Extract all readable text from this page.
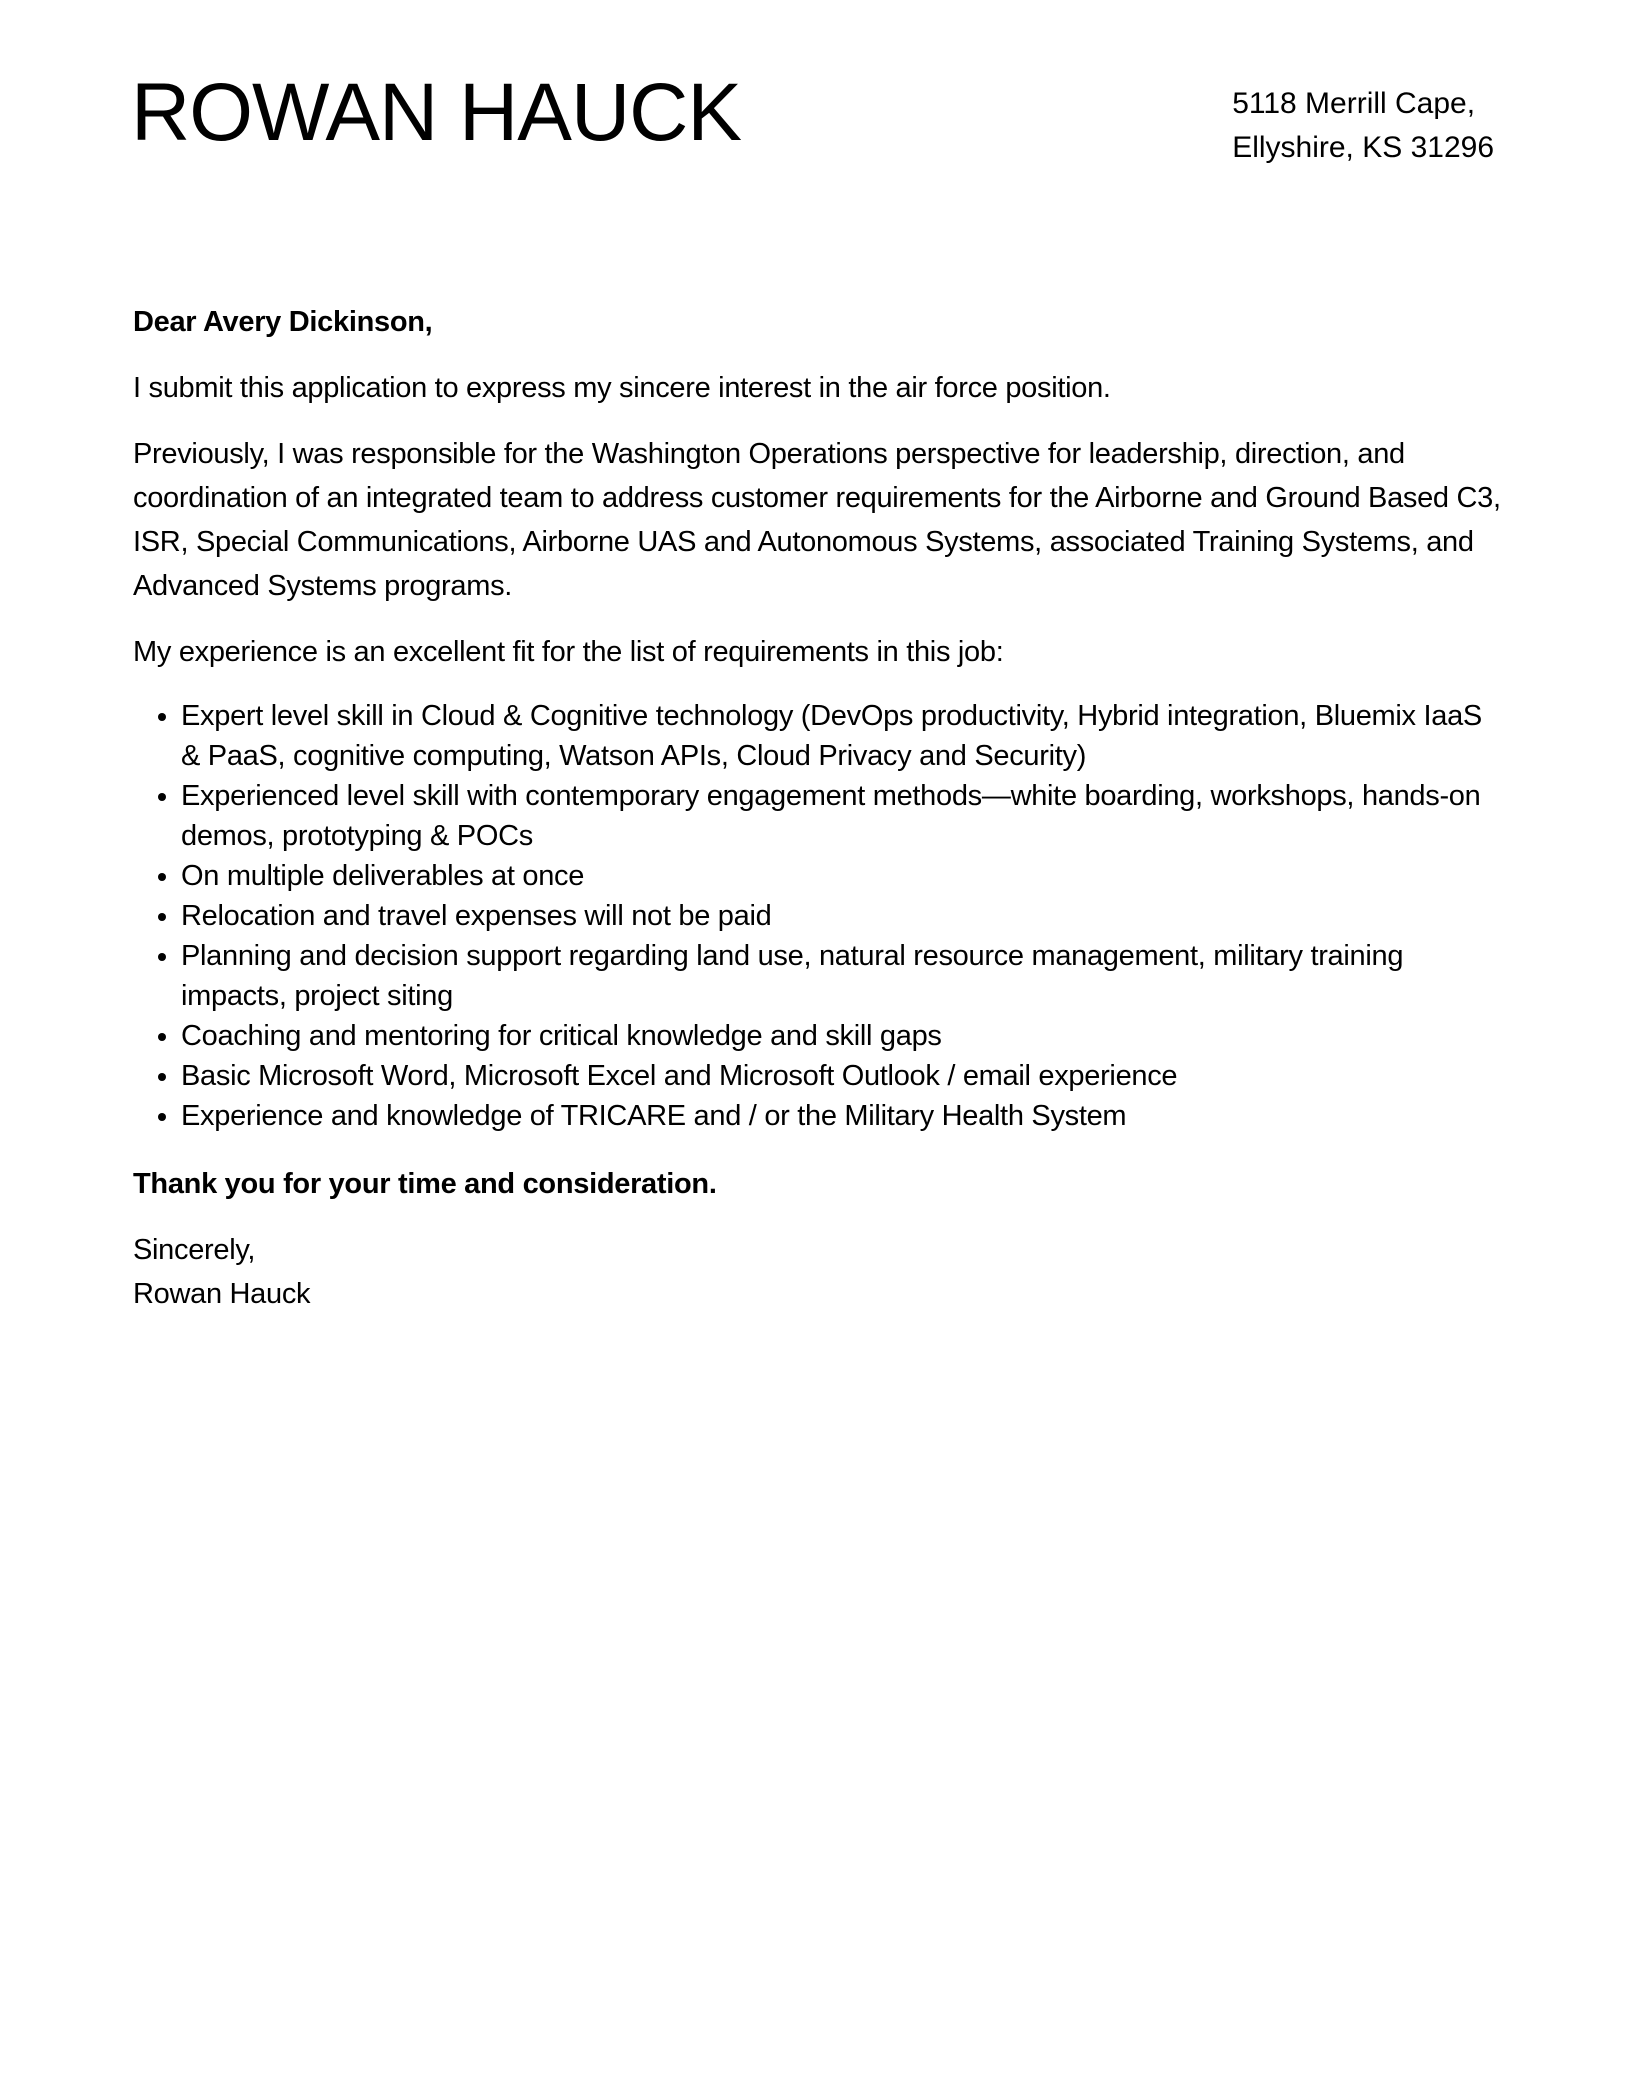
ROWAN HAUCK	5118 Merrill Cape,
Ellyshire, KS 31296

Dear Avery Dickinson,

I submit this application to express my sincere interest in the air force position.

Previously, I was responsible for the Washington Operations perspective for leadership, direction, and coordination of an integrated team to address customer requirements for the Airborne and Ground Based C3, ISR, Special Communications, Airborne UAS and Autonomous Systems, associated Training Systems, and Advanced Systems programs.

My experience is an excellent fit for the list of requirements in this job:

• Expert level skill in Cloud & Cognitive technology (DevOps productivity, Hybrid integration, Bluemix IaaS & PaaS, cognitive computing, Watson APIs, Cloud Privacy and Security)
• Experienced level skill with contemporary engagement methods—white boarding, workshops, hands-on demos, prototyping & POCs
• On multiple deliverables at once
• Relocation and travel expenses will not be paid
• Planning and decision support regarding land use, natural resource management, military training impacts, project siting
• Coaching and mentoring for critical knowledge and skill gaps
• Basic Microsoft Word, Microsoft Excel and Microsoft Outlook / email experience
• Experience and knowledge of TRICARE and / or the Military Health System

Thank you for your time and consideration.

Sincerely,
Rowan Hauck
